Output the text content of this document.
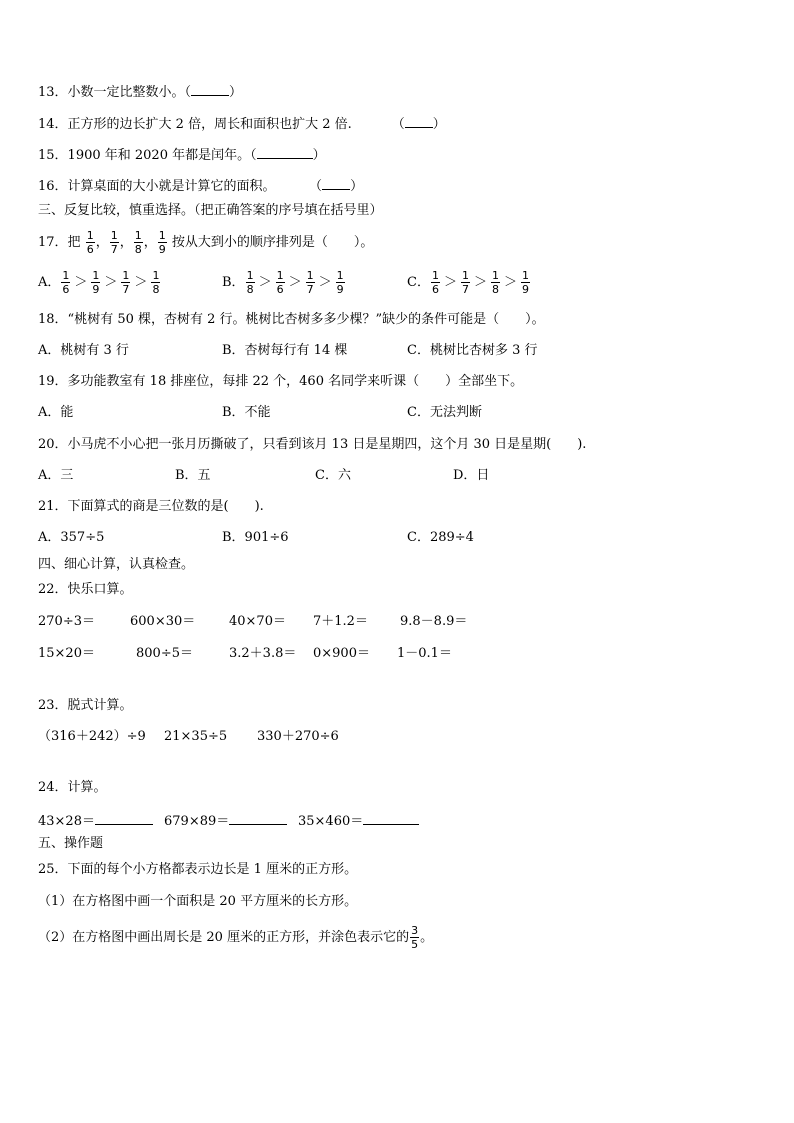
13．小数一定比整数小。（	）
14．正方形的边长扩大 2 倍，周长和面积也扩大 2 倍.	（ ）
15．1900 年和 2020 年都是闰年。（	）
16．计算桌面的大小就是计算它的面积。	（ ）
三、反复比较，慎重选择。（把正确答案的序号填在括号里）
17．把 $\frac{1}{6}$ ， $\frac{1}{7}$ ， $\frac{1}{8}$ ， $\frac{1}{9}$ 按从大到小的顺序排列是（　　）。
A． $\frac{1}{6} > \frac{1}{9} > \frac{1}{7} > \frac{1}{8}$	B． $\frac{1}{8} > \frac{1}{6} > \frac{1}{7} > \frac{1}{9}$	C． $\frac{1}{6} > \frac{1}{7} > \frac{1}{8} > \frac{1}{9}$
18．“桃树有 50 棵，杏树有 2 行。桃树比杏树多多少棵？”缺少的条件可能是（　　）。
A．桃树有 3 行	B．杏树每行有 14 棵	C．桃树比杏树多 3 行
19．多功能教室有 18 排座位，每排 22 个，460 名同学来听课（　　）全部坐下。
A．能	B．不能	C．无法判断
20．小马虎不小心把一张月历撕破了，只看到该月 13 日是星期四，这个月 30 日是星期(　　).
A．三	B．五	C．六	D．日
21．下面算式的商是三位数的是(　　).
A．357÷5	B．901÷6	C．289÷4
四、细心计算，认真检查。
22．快乐口算。
270÷3＝	600×30＝	40×70＝ 7＋1.2＝ 9.8－8.9＝
15×20＝	800÷5＝	3.2＋3.8＝ 0×900＝ 1－0.1＝
23．脱式计算。
（316＋242）÷9 21×35÷5 330＋270÷6
24．计算。
43×28＝	679×89＝	35×460＝
五、操作题
25．下面的每个小方格都表示边长是 1 厘米的正方形。
（1）在方格图中画一个面积是 20 平方厘米的长方形。
（2）在方格图中画出周长是 20 厘米的正方形，并涂色表示它的 $\frac{3}{5}$ 。
